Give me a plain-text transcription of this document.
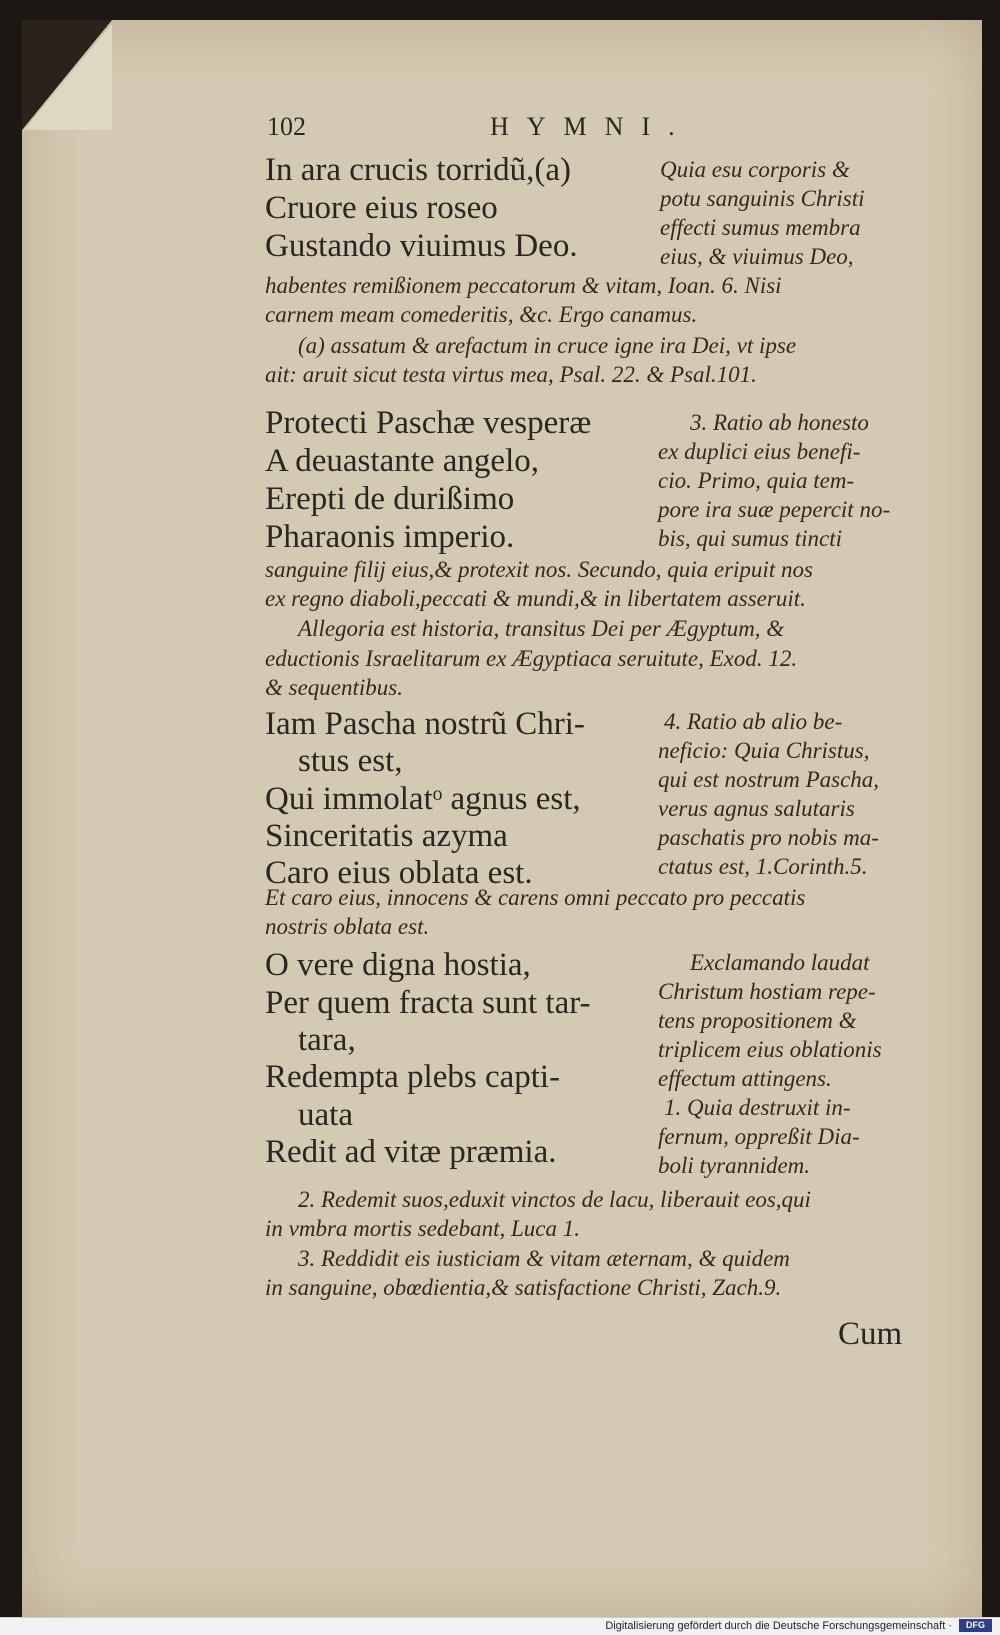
102	HYMNI.
In ara crucis torridũ,(a)	Quia esu corporis &
Cruore eius roseo	potu sanguinis Christi
effecti sumus membra
Gustando viuimus Deo.	eius, & viuimus Deo,
habentes remißionem peccatorum & vitam, Ioan. 6. Nisi
carnem meam comederitis, &c. Ergo canamus.
(a) assatum & arefactum in cruce igne ira Dei, vt ipse
ait: aruit sicut testa virtus mea, Psal. 22. & Psal.101.
Protecti Paschæ vesperæ	3. Ratio ab honesto
A deuastante angelo,	ex duplici eius benefi-
cio. Primo, quia tem-
Erepti de durißimo	pore ira suæ pepercit no-
Pharaonis imperio.	bis, qui sumus tincti
sanguine filij eius,& protexit nos. Secundo, quia eripuit nos
ex regno diaboli,peccati & mundi,& in libertatem asseruit.
Allegoria est historia, transitus Dei per Ægyptum, &
eductionis Israelitarum ex Ægyptiaca seruitute, Exod. 12.
& sequentibus.
Iam Pascha nostrũ Chri-	4. Ratio ab alio be-
stus est,	neficio: Quia Christus,
qui est nostrum Pascha,
Qui immolatᵒ agnus est,	verus agnus salutaris
Sinceritatis azyma	paschatis pro nobis ma-
Caro eius oblata est.	ctatus est, 1.Corinth.5.
Et caro eius, innocens & carens omni peccato pro peccatis
nostris oblata est.
O vere digna hostia,	Exclamando laudat
Christum hostiam repe-
Per quem fracta sunt tar-	tens propositionem &
tara,	triplicem eius oblationis
Redempta plebs capti-	effectum attingens.
uata	1. Quia destruxit in-
fernum, oppreßit Dia-
Redit ad vitæ præmia.	boli tyrannidem.
2. Redemit suos,eduxit vinctos de lacu, liberauit eos,qui
in vmbra mortis sedebant, Luca 1.
3. Reddidit eis iusticiam & vitam æternam, & quidem
in sanguine, obœdientia,& satisfactione Christi, Zach.9.
Cum
Digitalisierung gefördert durch die Deutsche Forschungsgemeinschaft ·	DFG
